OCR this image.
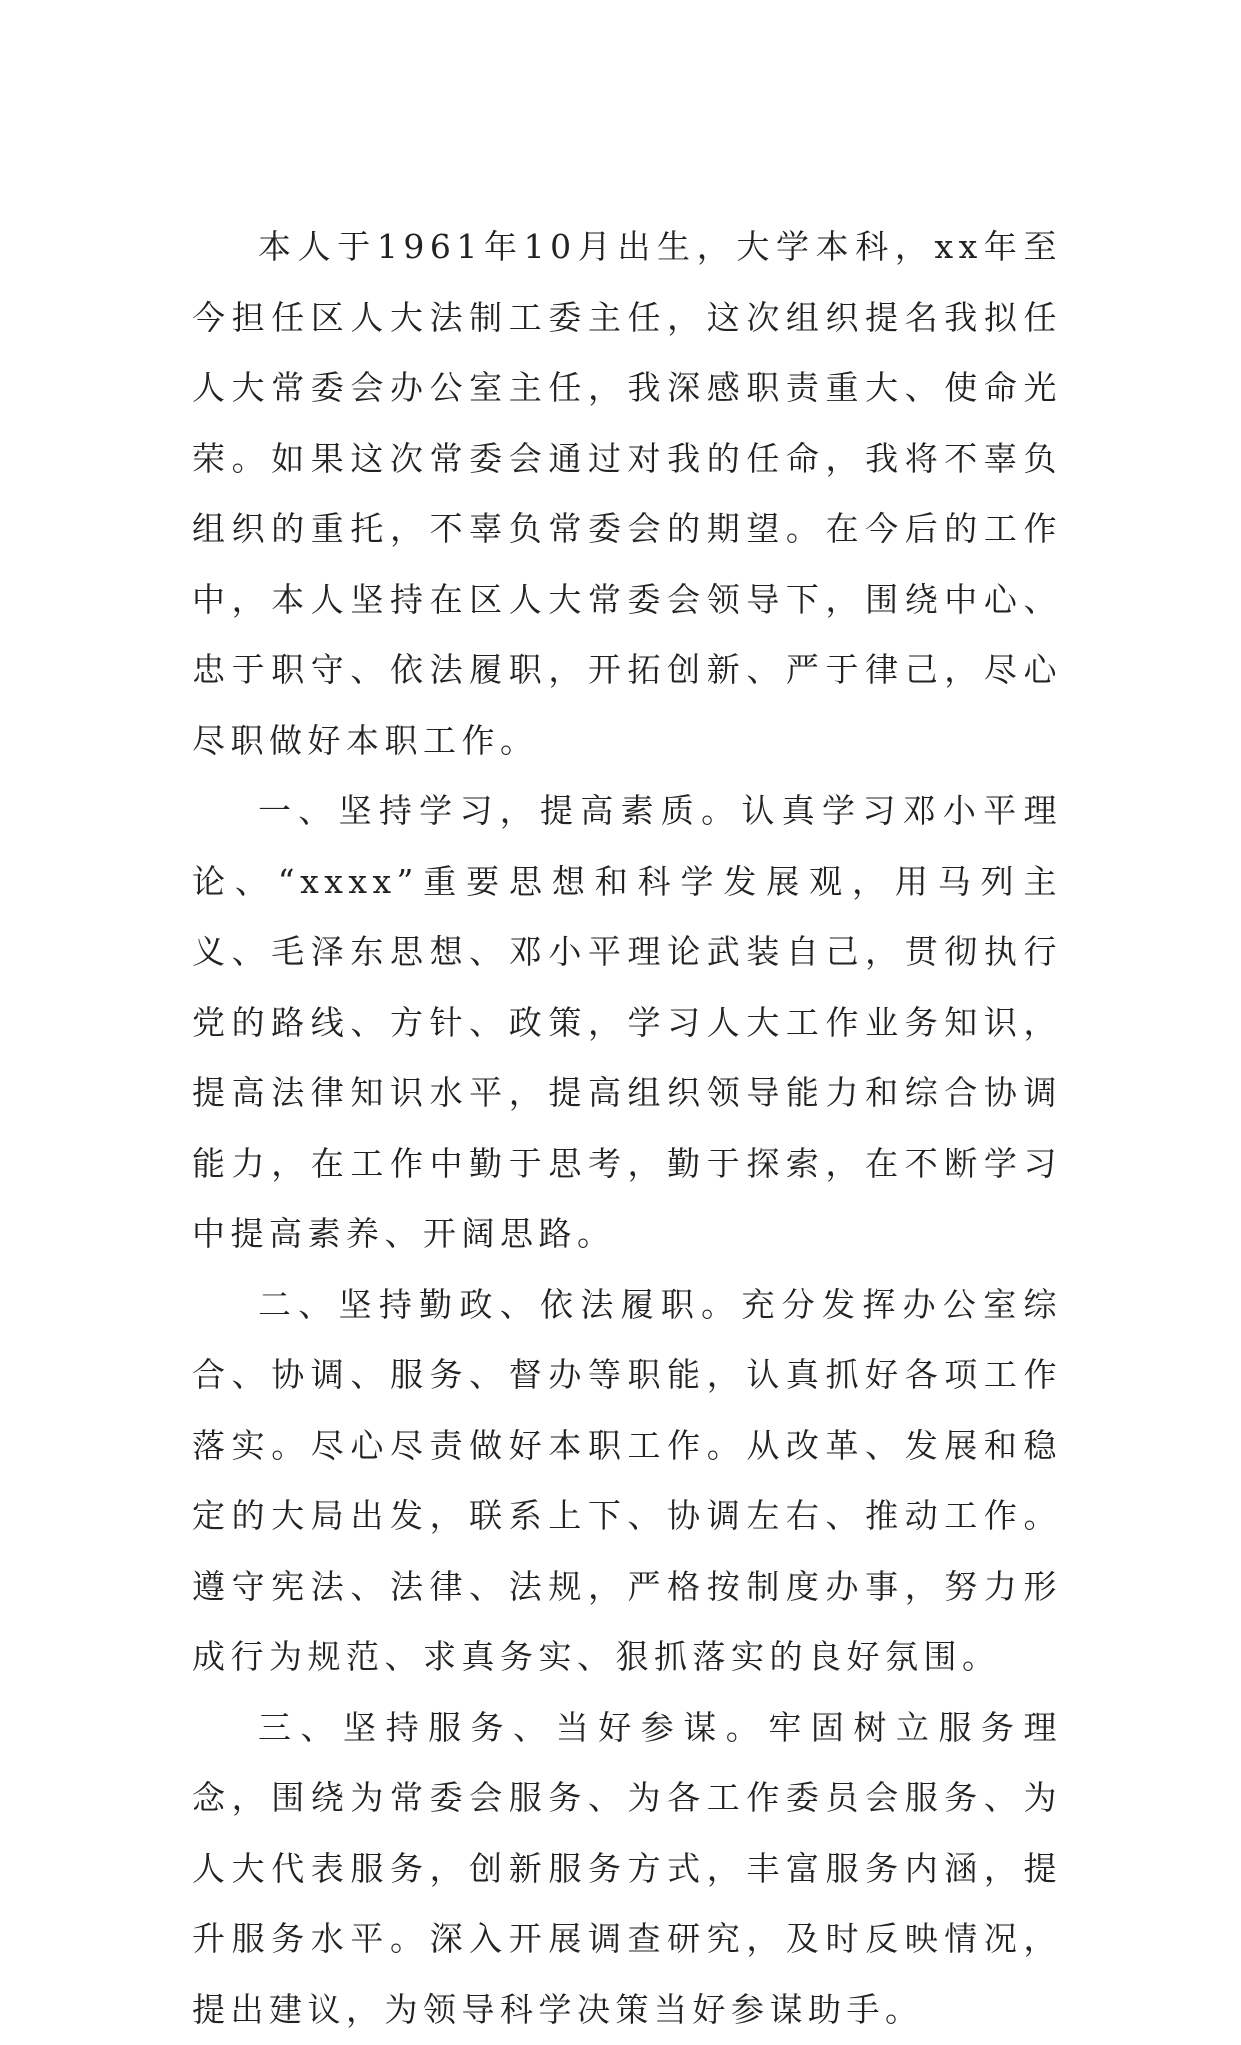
本人于1961年10月出生，大学本科，xx年至今担任区人大法制工委主任，这次组织提名我拟任人大常委会办公室主任，我深感职责重大、使命光荣。如果这次常委会通过对我的任命，我将不辜负组织的重托，不辜负常委会的期望。在今后的工作中，本人坚持在区人大常委会领导下，围绕中心、忠于职守、依法履职，开拓创新、严于律己，尽心尽职做好本职工作。

一、坚持学习，提高素质。认真学习邓小平理论、“xxxx”重要思想和科学发展观，用马列主义、毛泽东思想、邓小平理论武装自己，贯彻执行党的路线、方针、政策，学习人大工作业务知识，提高法律知识水平，提高组织领导能力和综合协调能力，在工作中勤于思考，勤于探索，在不断学习中提高素养、开阔思路。

二、坚持勤政、依法履职。充分发挥办公室综合、协调、服务、督办等职能，认真抓好各项工作落实。尽心尽责做好本职工作。从改革、发展和稳定的大局出发，联系上下、协调左右、推动工作。遵守宪法、法律、法规，严格按制度办事，努力形成行为规范、求真务实、狠抓落实的良好氛围。

三、坚持服务、当好参谋。牢固树立服务理念，围绕为常委会服务、为各工作委员会服务、为人大代表服务，创新服务方式，丰富服务内涵，提升服务水平。深入开展调查研究，及时反映情况，提出建议，为领导科学决策当好参谋助手。
